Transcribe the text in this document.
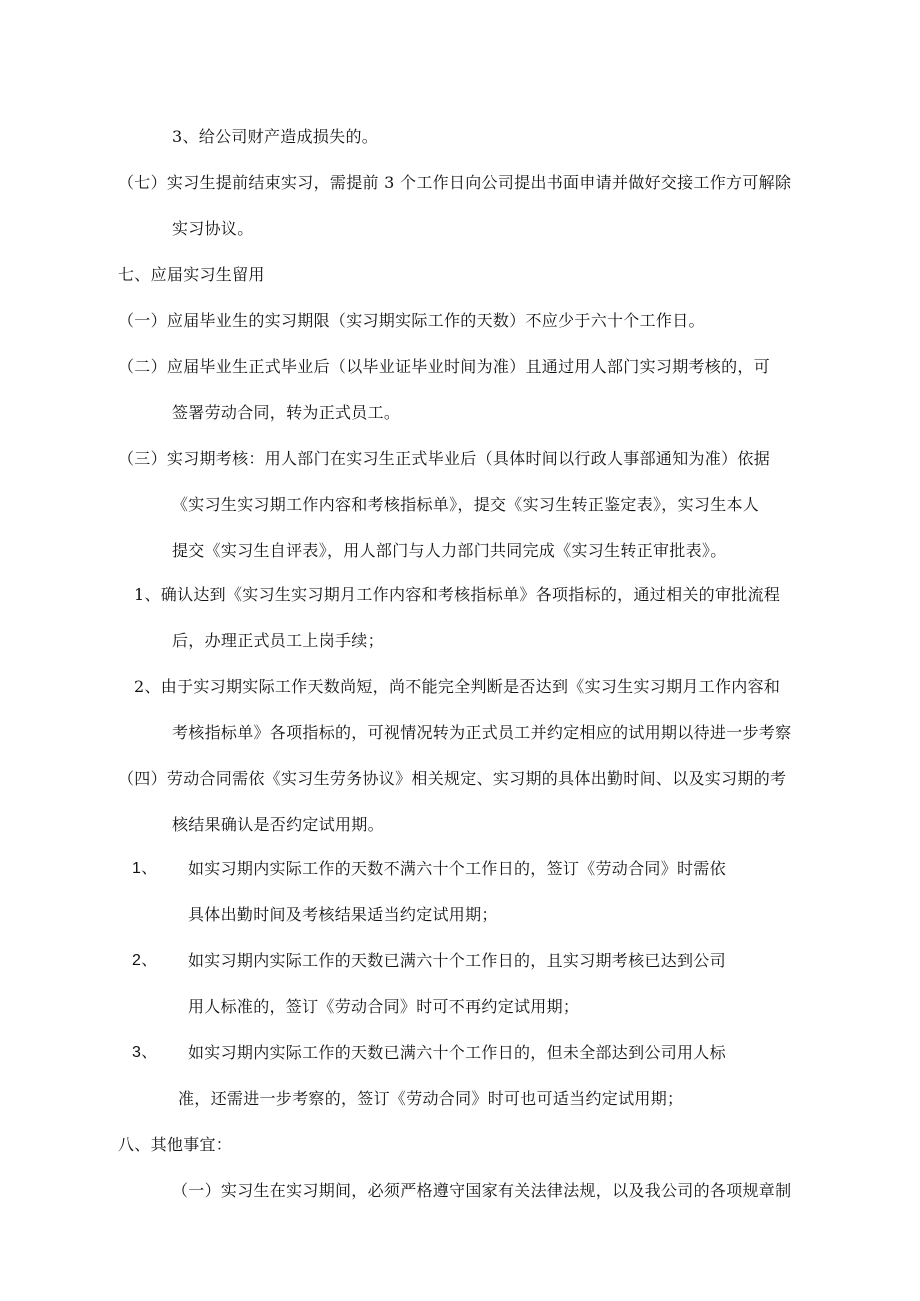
3、给公司财产造成损失的。
（七）实习生提前结束实习，需提前 3 个工作日向公司提出书面申请并做好交接工作方可解除
实习协议。
七、应届实习生留用
（一）应届毕业生的实习期限（实习期实际工作的天数）不应少于六十个工作日。
（二）应届毕业生正式毕业后（以毕业证毕业时间为准）且通过用人部门实习期考核的，可
签署劳动合同，转为正式员工。
（三）实习期考核：用人部门在实习生正式毕业后（具体时间以行政人事部通知为准）依据
《实习生实习期工作内容和考核指标单》，提交《实习生转正鉴定表》，实习生本人
提交《实习生自评表》，用人部门与人力部门共同完成《实习生转正审批表》。
1、确认达到《实习生实习期月工作内容和考核指标单》各项指标的，通过相关的审批流程
后，办理正式员工上岗手续；
2、由于实习期实际工作天数尚短，尚不能完全判断是否达到《实习生实习期月工作内容和
考核指标单》各项指标的，可视情况转为正式员工并约定相应的试用期以待进一步考察
（四）劳动合同需依《实习生劳务协议》相关规定、实习期的具体出勤时间、以及实习期的考
核结果确认是否约定试用期。
1、 如实习期内实际工作的天数不满六十个工作日的，签订《劳动合同》时需依
具体出勤时间及考核结果适当约定试用期；
2、 如实习期内实际工作的天数已满六十个工作日的，且实习期考核已达到公司
用人标准的，签订《劳动合同》时可不再约定试用期；
3、 如实习期内实际工作的天数已满六十个工作日的，但未全部达到公司用人标
准，还需进一步考察的，签订《劳动合同》时可也可适当约定试用期；
八、其他事宜：
（一）实习生在实习期间，必须严格遵守国家有关法律法规，以及我公司的各项规章制
